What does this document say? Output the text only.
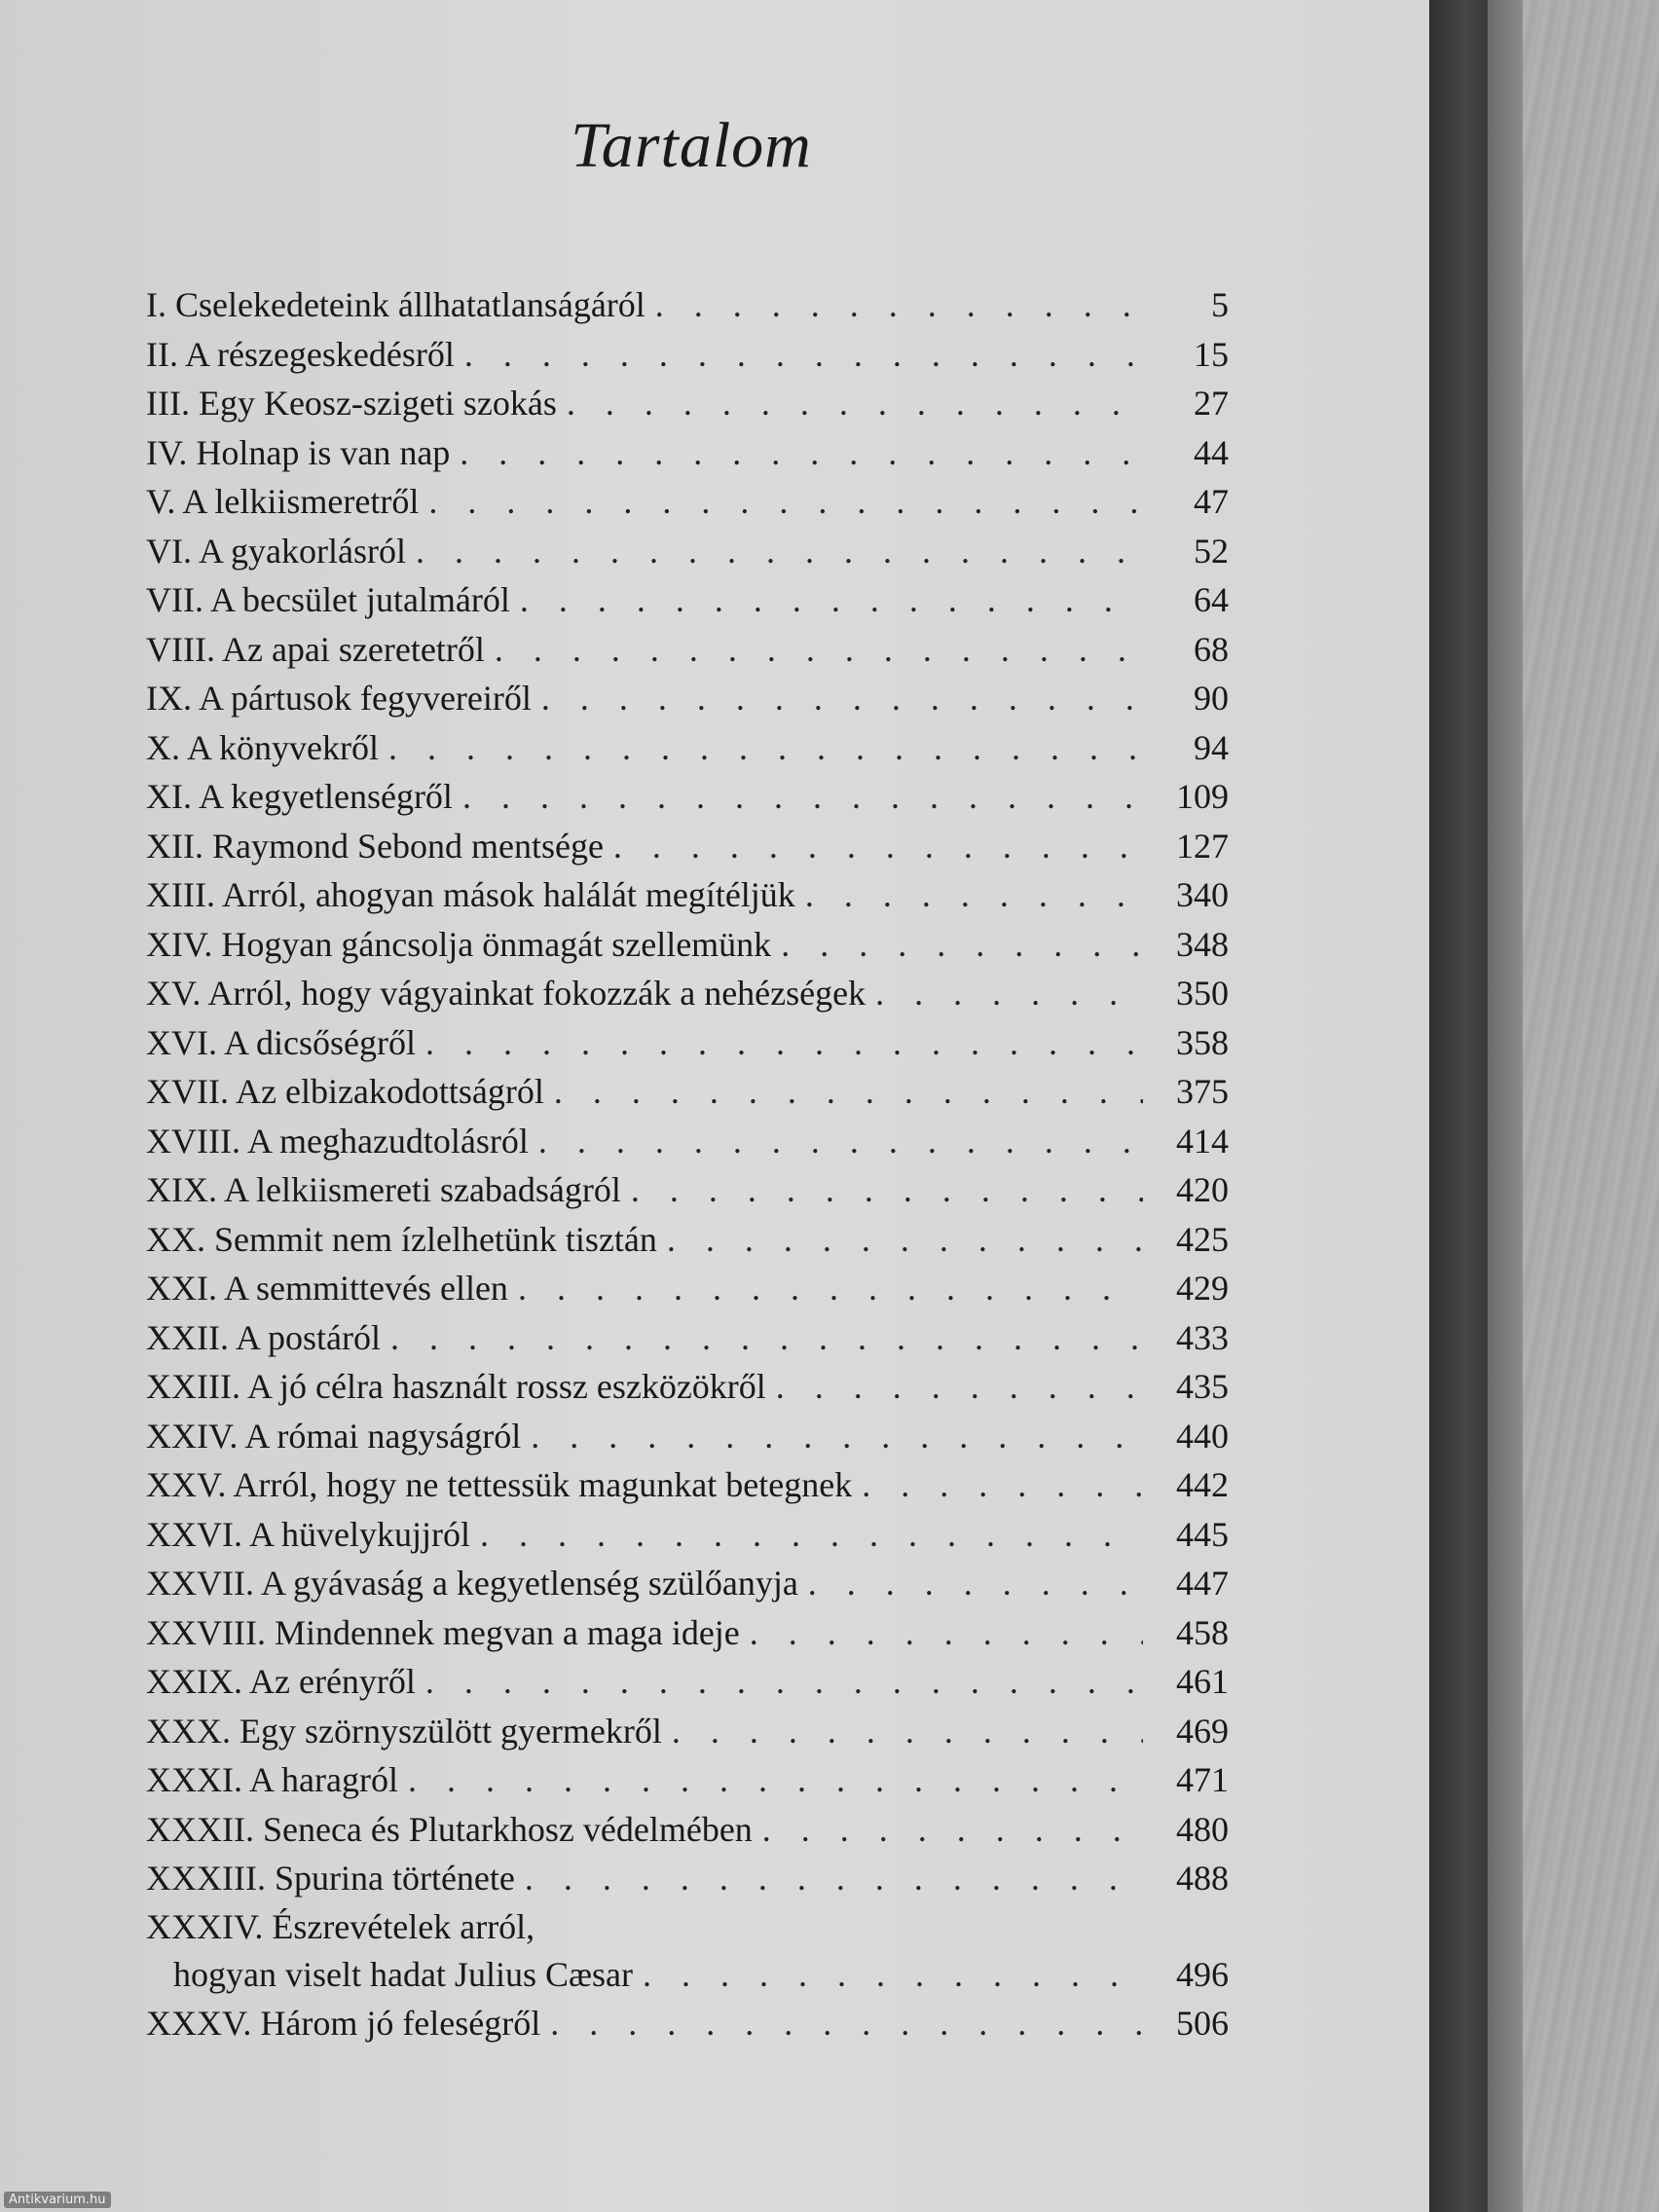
Tartalom
I. Cselekedeteink állhatatlanságáról . . .	5
II. A részegeskedésről . . .	15
III. Egy Keosz-szigeti szokás . . .	27
IV. Holnap is van nap . . .	44
V. A lelkiismeretről . . .	47
VI. A gyakorlásról . . .	52
VII. A becsület jutalmáról . . .	64
VIII. Az apai szeretetről . . .	68
IX. A pártusok fegyvereiről . . .	90
X. A könyvekről . . .	94
XI. A kegyetlenségről . . .	109
XII. Raymond Sebond mentsége . . .	127
XIII. Arról, ahogyan mások halálát megítéljük . . .	340
XIV. Hogyan gáncsolja önmagát szellemünk . . .	348
XV. Arról, hogy vágyainkat fokozzák a nehézségek . . .	350
XVI. A dicsőségről . . .	358
XVII. Az elbizakodottságról . . .	375
XVIII. A meghazudtolásról . . .	414
XIX. A lelkiismereti szabadságról . . .	420
XX. Semmit nem ízlelhetünk tisztán . . .	425
XXI. A semmittevés ellen . . .	429
XXII. A postáról . . .	433
XXIII. A jó célra használt rossz eszközökről . . .	435
XXIV. A római nagyságról . . .	440
XXV. Arról, hogy ne tettessük magunkat betegnek . . .	442
XXVI. A hüvelykujjról . . .	445
XXVII. A gyávaság a kegyetlenség szülőanyja . . .	447
XXVIII. Mindennek megvan a maga ideje . . .	458
XXIX. Az erényről . . .	461
XXX. Egy szörnyszülött gyermekről . . .	469
XXXI. A haragról . . .	471
XXXII. Seneca és Plutarkhosz védelmében . . .	480
XXXIII. Spurina története . . .	488
XXXIV. Észrevételek arról,
hogyan viselt hadat Julius Cæsar . . .	496
XXXV. Három jó feleségről . . .	506
Antikvarium.hu
